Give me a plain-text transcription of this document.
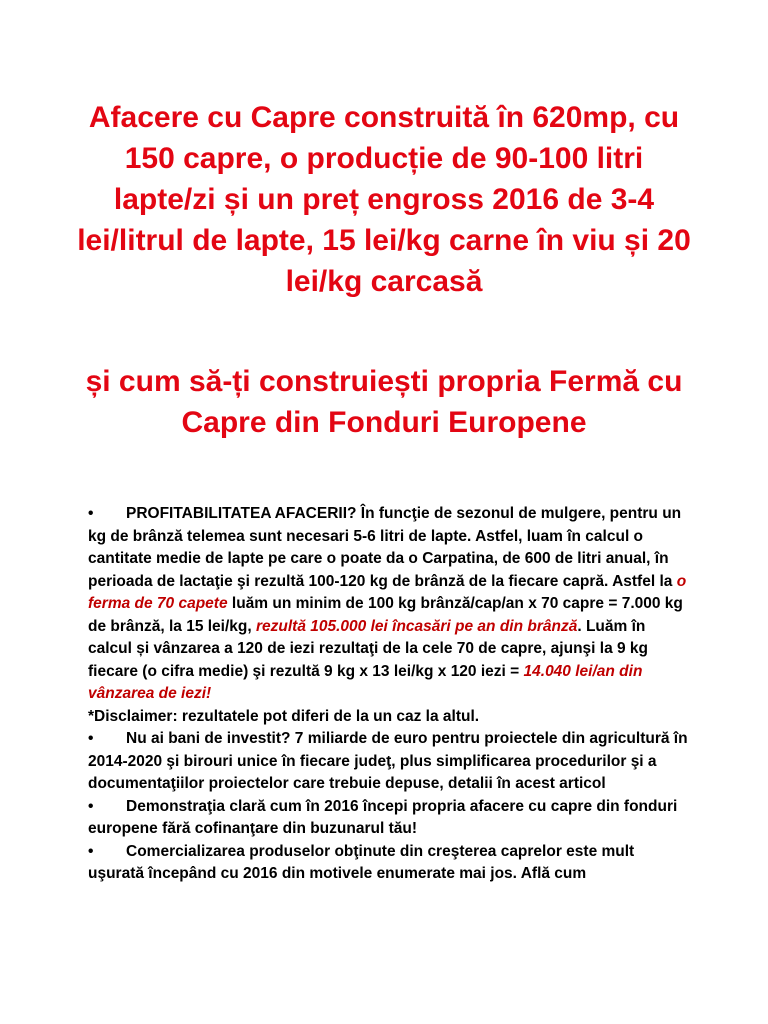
Afacere cu Capre construită în 620mp, cu 150 capre, o producție de 90-100 litri lapte/zi și un preț engross 2016 de 3-4 lei/litrul de lapte, 15 lei/kg carne în viu și 20 lei/kg carcasă
și cum să-ți construiești propria Fermă cu Capre din Fonduri Europene

• PROFITABILITATEA AFACERII? În funcţie de sezonul de mulgere, pentru un kg de brânză telemea sunt necesari 5-6 litri de lapte. Astfel, luam în calcul o cantitate medie de lapte pe care o poate da o Carpatina, de 600 de litri anual, în perioada de lactaţie şi rezultă 100-120 kg de brânză de la fiecare capră. Astfel la o ferma de 70 capete luăm un minim de 100 kg brânză/cap/an x 70 capre = 7.000 kg de brânză, la 15 lei/kg, rezultă 105.000 lei încasări pe an din brânză. Luăm în calcul și vânzarea a 120 de iezi rezultaţi de la cele 70 de capre, ajunşi la 9 kg fiecare (o cifra medie) şi rezultă 9 kg x 13 lei/kg x 120 iezi = 14.040 lei/an din vânzarea de iezi!

*Disclaimer: rezultatele pot diferi de la un caz la altul.

• Nu ai bani de investit? 7 miliarde de euro pentru proiectele din agricultură în 2014-2020 şi birouri unice în fiecare judeţ, plus simplificarea procedurilor şi a documentaţiilor proiectelor care trebuie depuse, detalii în acest articol

• Demonstraţia clară cum în 2016 începi propria afacere cu capre din fonduri europene fără cofinanţare din buzunarul tău!

• Comercializarea produselor obţinute din creşterea caprelor este mult uşurată începând cu 2016 din motivele enumerate mai jos. Află cum
